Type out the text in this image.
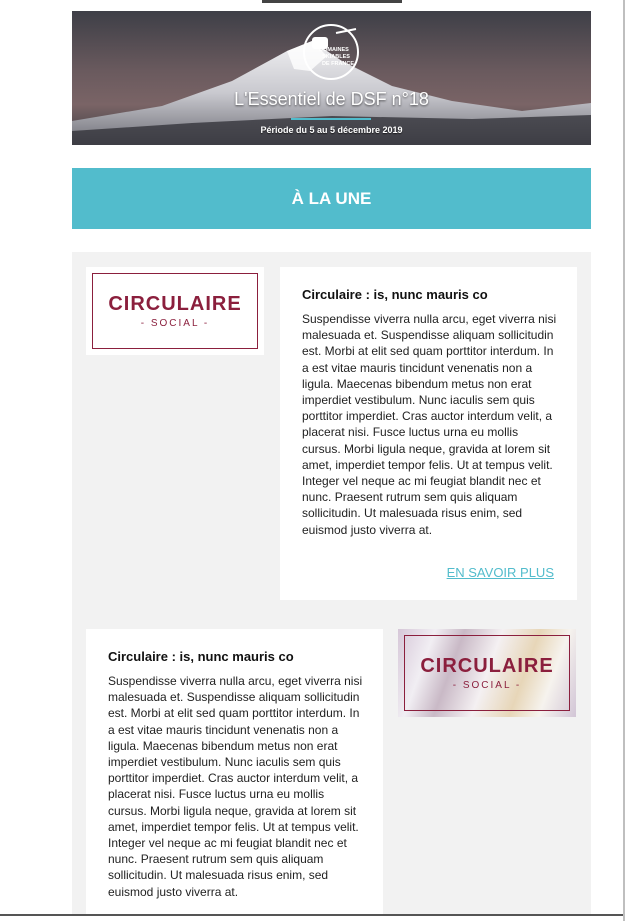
DOMAINES
SKIABLES
DE FRANCE
L'Essentiel de DSF n°18
Période du 5 au 5 décembre 2019
À LA UNE
CIRCULAIRE
- SOCIAL -
Circulaire : is, nunc mauris co
Suspendisse viverra nulla arcu, eget viverra nisi malesuada et. Suspendisse aliquam sollicitudin est. Morbi at elit sed quam porttitor interdum. In a est vitae mauris tincidunt venenatis non a ligula. Maecenas bibendum metus non erat imperdiet vestibulum. Nunc iaculis sem quis porttitor imperdiet. Cras auctor interdum velit, a placerat nisi. Fusce luctus urna eu mollis cursus. Morbi ligula neque, gravida at lorem sit amet, imperdiet tempor felis. Ut at tempus velit. Integer vel neque ac mi feugiat blandit nec et nunc. Praesent rutrum sem quis aliquam sollicitudin. Ut malesuada risus enim, sed euismod justo viverra at.
EN SAVOIR PLUS
Circulaire : is, nunc mauris co
Suspendisse viverra nulla arcu, eget viverra nisi malesuada et. Suspendisse aliquam sollicitudin est. Morbi at elit sed quam porttitor interdum. In a est vitae mauris tincidunt venenatis non a ligula. Maecenas bibendum metus non erat imperdiet vestibulum. Nunc iaculis sem quis porttitor imperdiet. Cras auctor interdum velit, a placerat nisi. Fusce luctus urna eu mollis cursus. Morbi ligula neque, gravida at lorem sit amet, imperdiet tempor felis. Ut at tempus velit. Integer vel neque ac mi feugiat blandit nec et nunc. Praesent rutrum sem quis aliquam sollicitudin. Ut malesuada risus enim, sed euismod justo viverra at.
CIRCULAIRE
- SOCIAL -
